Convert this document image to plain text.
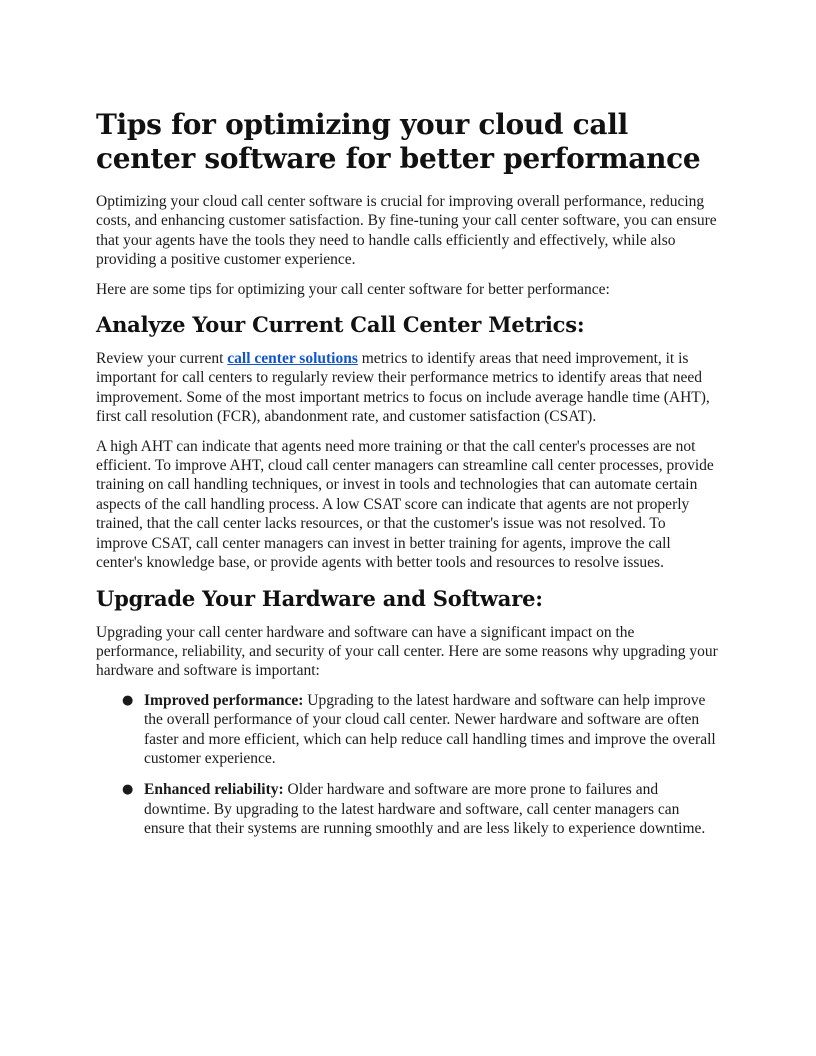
Tips for optimizing your cloud call center software for better performance

Optimizing your cloud call center software is crucial for improving overall performance, reducing costs, and enhancing customer satisfaction. By fine-tuning your call center software, you can ensure that your agents have the tools they need to handle calls efficiently and effectively, while also providing a positive customer experience.

Here are some tips for optimizing your call center software for better performance:

Analyze Your Current Call Center Metrics:

Review your current call center solutions metrics to identify areas that need improvement, it is important for call centers to regularly review their performance metrics to identify areas that need improvement. Some of the most important metrics to focus on include average handle time (AHT), first call resolution (FCR), abandonment rate, and customer satisfaction (CSAT).

A high AHT can indicate that agents need more training or that the call center's processes are not efficient. To improve AHT, cloud call center managers can streamline call center processes, provide training on call handling techniques, or invest in tools and technologies that can automate certain aspects of the call handling process. A low CSAT score can indicate that agents are not properly trained, that the call center lacks resources, or that the customer's issue was not resolved. To improve CSAT, call center managers can invest in better training for agents, improve the call center's knowledge base, or provide agents with better tools and resources to resolve issues.

Upgrade Your Hardware and Software:

Upgrading your call center hardware and software can have a significant impact on the performance, reliability, and security of your call center. Here are some reasons why upgrading your hardware and software is important:

● Improved performance: Upgrading to the latest hardware and software can help improve the overall performance of your cloud call center. Newer hardware and software are often faster and more efficient, which can help reduce call handling times and improve the overall customer experience.

● Enhanced reliability: Older hardware and software are more prone to failures and downtime. By upgrading to the latest hardware and software, call center managers can ensure that their systems are running smoothly and are less likely to experience downtime.
